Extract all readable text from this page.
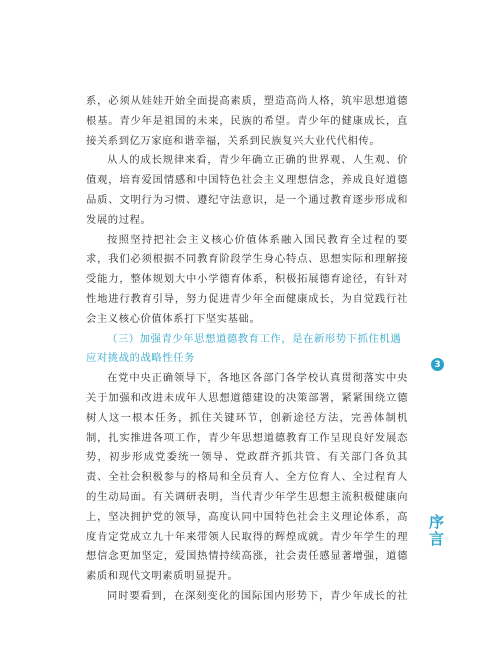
系，必须从娃娃开始全面提高素质，塑造高尚人格，筑牢思想道德根基。青少年是祖国的未来，民族的希望。青少年的健康成长，直接关系到亿万家庭和谐幸福，关系到民族复兴大业代代相传。

从人的成长规律来看，青少年确立正确的世界观、人生观、价值观，培育爱国情感和中国特色社会主义理想信念，养成良好道德品质、文明行为习惯、遵纪守法意识，是一个通过教育逐步形成和发展的过程。

按照坚持把社会主义核心价值体系融入国民教育全过程的要求，我们必须根据不同教育阶段学生身心特点、思想实际和理解接受能力，整体规划大中小学德育体系，积极拓展德育途径，有针对性地进行教育引导，努力促进青少年全面健康成长，为自觉践行社会主义核心价值体系打下坚实基础。

（三）加强青少年思想道德教育工作，是在新形势下抓住机遇应对挑战的战略性任务

在党中央正确领导下，各地区各部门各学校认真贯彻落实中央关于加强和改进未成年人思想道德建设的决策部署，紧紧围绕立德树人这一根本任务，抓住关键环节，创新途径方法，完善体制机制，扎实推进各项工作，青少年思想道德教育工作呈现良好发展态势，初步形成党委统一领导、党政群齐抓共管、有关部门各负其责、全社会积极参与的格局和全员育人、全方位育人、全过程育人的生动局面。有关调研表明，当代青少年学生思想主流积极健康向上，坚决拥护党的领导，高度认同中国特色社会主义理论体系，高度肯定党成立九十年来带领人民取得的辉煌成就。青少年学生的理想信念更加坚定，爱国热情持续高涨，社会责任感显著增强，道德素质和现代文明素质明显提升。

同时要看到，在深刻变化的国际国内形势下，青少年成长的社

3
序言
